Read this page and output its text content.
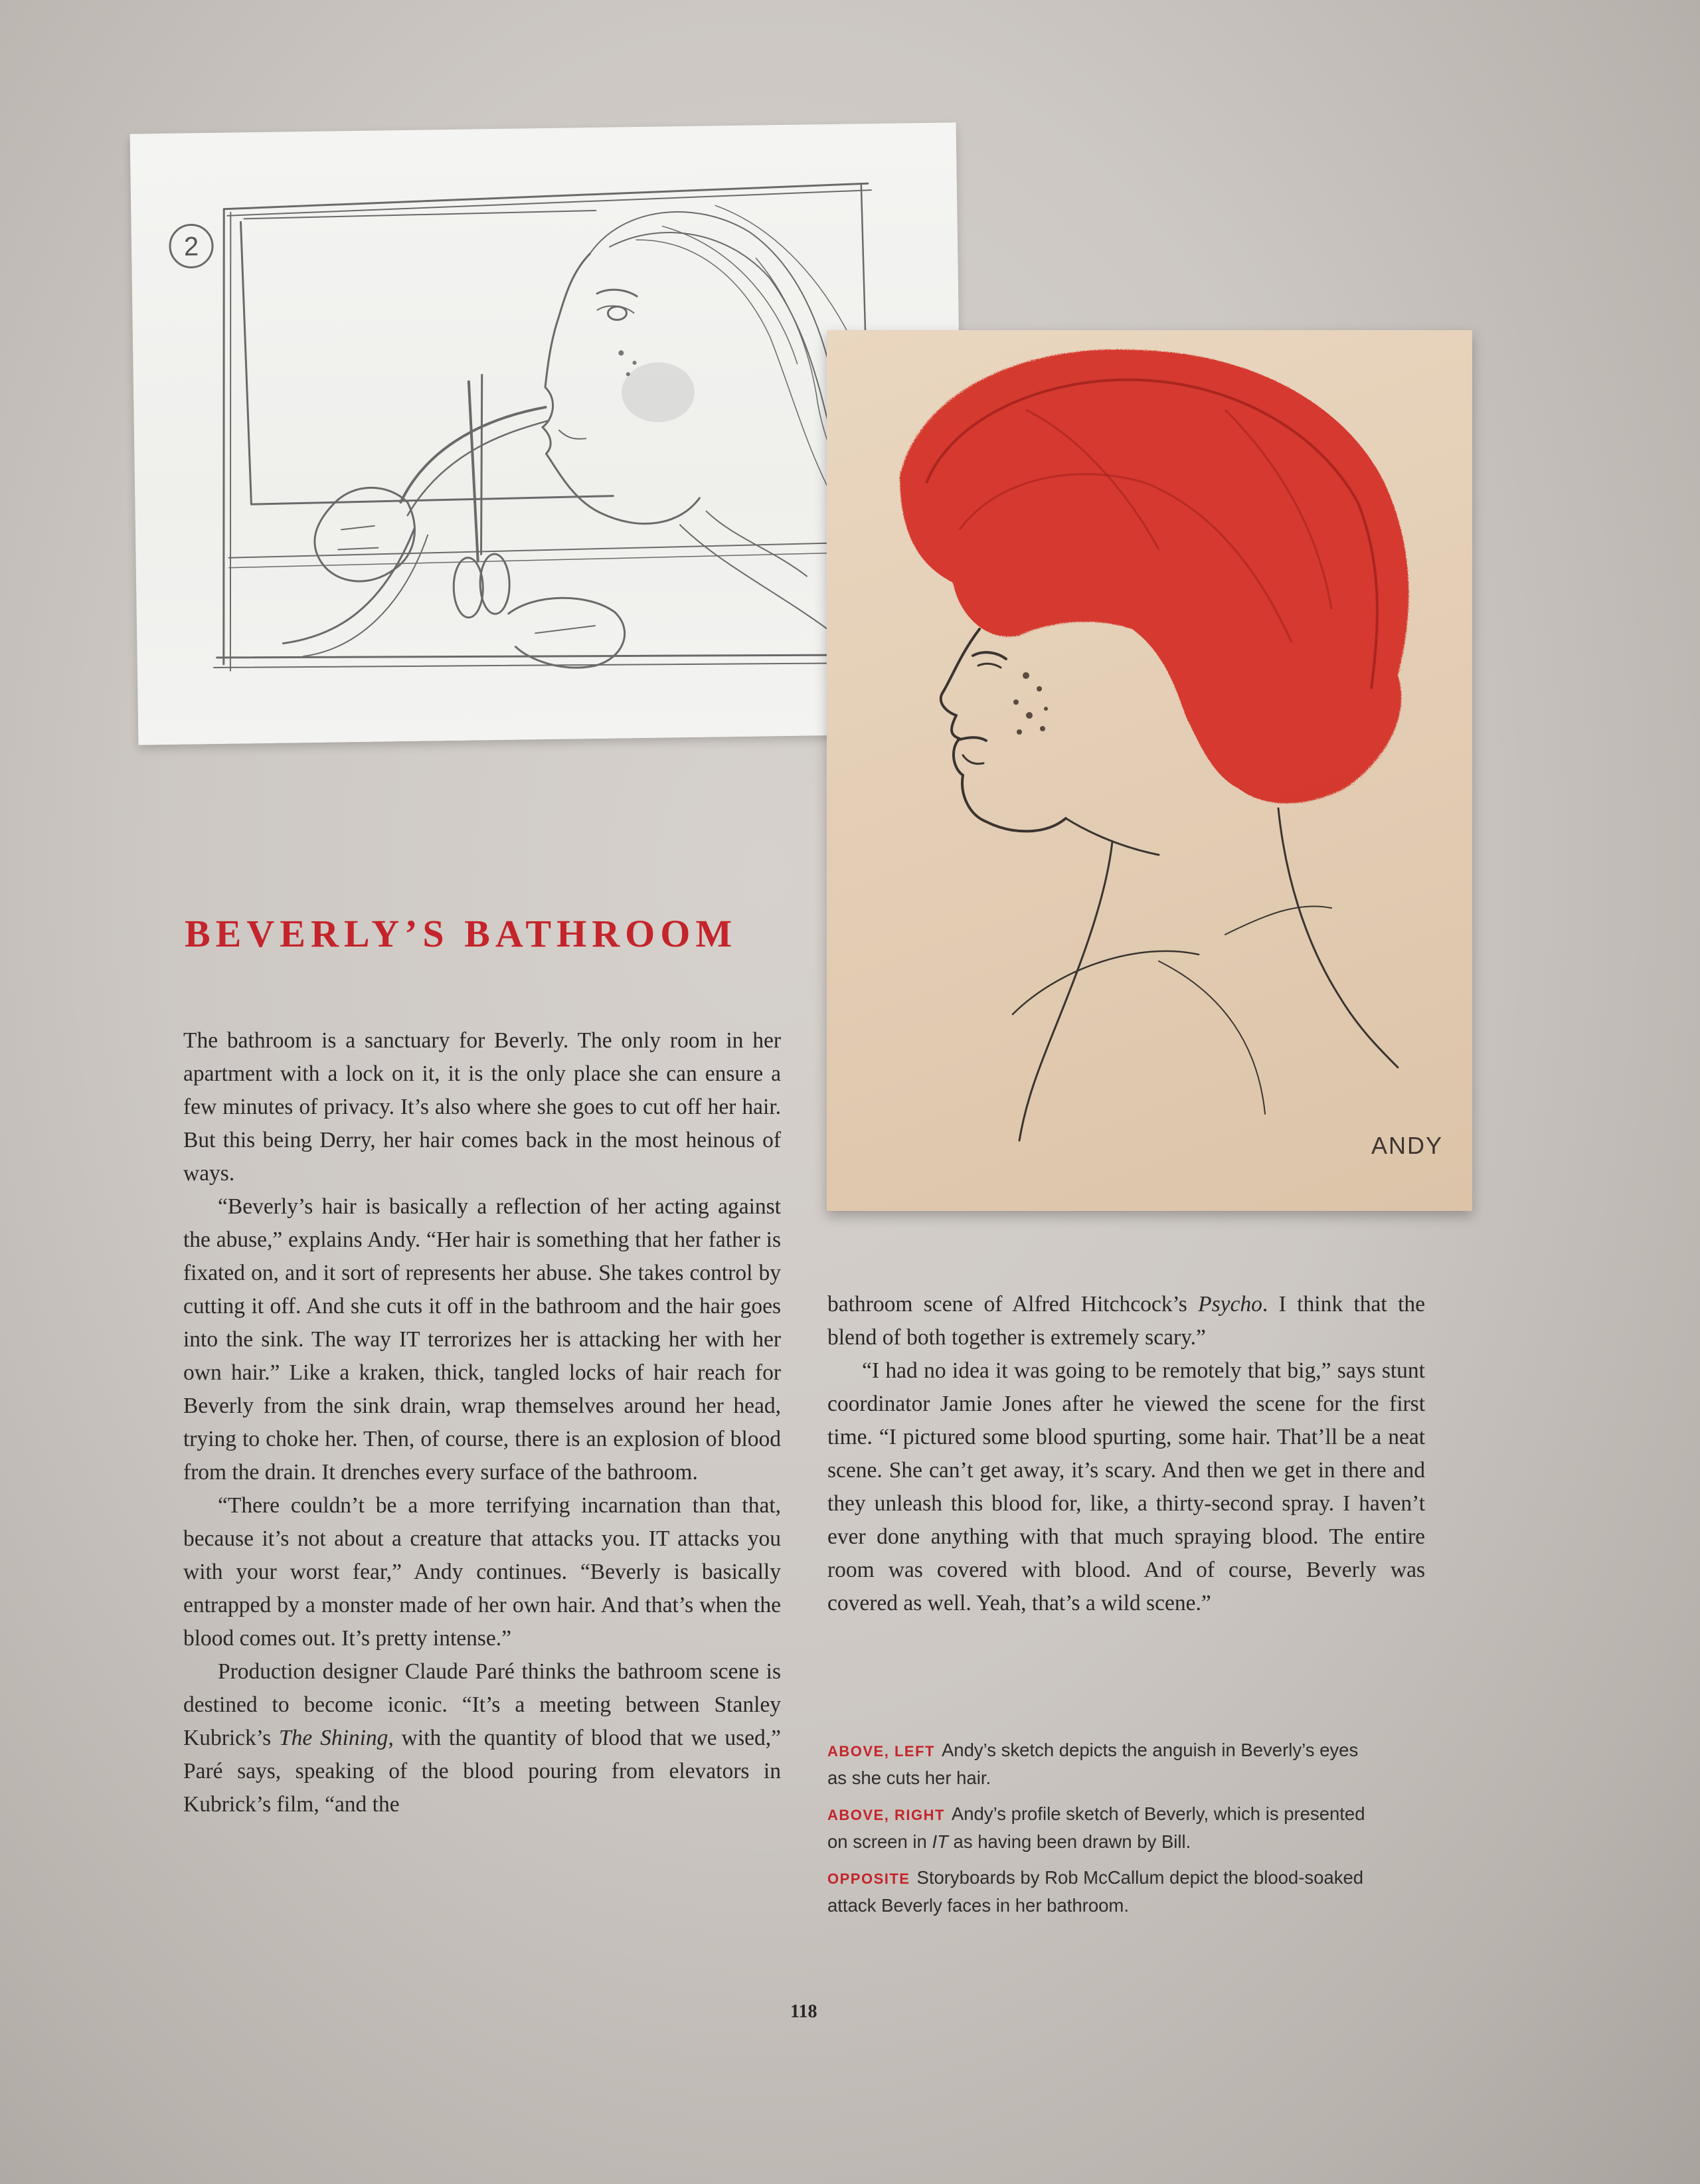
2
ANDY
BEVERLY’S BATHROOM

The bathroom is a sanctuary for Beverly. The only room in her apartment with a lock on it, it is the only place she can ensure a few minutes of privacy. It’s also where she goes to cut off her hair. But this being Derry, her hair comes back in the most heinous of ways.

“Beverly’s hair is basically a reflection of her acting against the abuse,” explains Andy. “Her hair is something that her father is fixated on, and it sort of represents her abuse. She takes control by cutting it off. And she cuts it off in the bathroom and the hair goes into the sink. The way IT terrorizes her is attacking her with her own hair.” Like a kraken, thick, tangled locks of hair reach for Beverly from the sink drain, wrap themselves around her head, trying to choke her. Then, of course, there is an explosion of blood from the drain. It drenches every surface of the bathroom.

“There couldn’t be a more terrifying incarnation than that, because it’s not about a creature that attacks you. IT attacks you with your worst fear,” Andy continues. “Beverly is basically entrapped by a monster made of her own hair. And that’s when the blood comes out. It’s pretty intense.”

Production designer Claude Paré thinks the bathroom scene is destined to become iconic. “It’s a meeting between Stanley Kubrick’s The Shining, with the quantity of blood that we used,” Paré says, speaking of the blood pouring from elevators in Kubrick’s film, “and the

bathroom scene of Alfred Hitchcock’s Psycho. I think that the blend of both together is extremely scary.”

“I had no idea it was going to be remotely that big,” says stunt coordinator Jamie Jones after he viewed the scene for the first time. “I pictured some blood spurting, some hair. That’ll be a neat scene. She can’t get away, it’s scary. And then we get in there and they unleash this blood for, like, a thirty-second spray. I haven’t ever done anything with that much spraying blood. The entire room was covered with blood. And of course, Beverly was covered as well. Yeah, that’s a wild scene.”

ABOVE, LEFT Andy’s sketch depicts the anguish in Beverly’s eyes as she cuts her hair.

ABOVE, RIGHT Andy’s profile sketch of Beverly, which is presented on screen in IT as having been drawn by Bill.

OPPOSITE Storyboards by Rob McCallum depict the blood-soaked attack Beverly faces in her bathroom.

118
